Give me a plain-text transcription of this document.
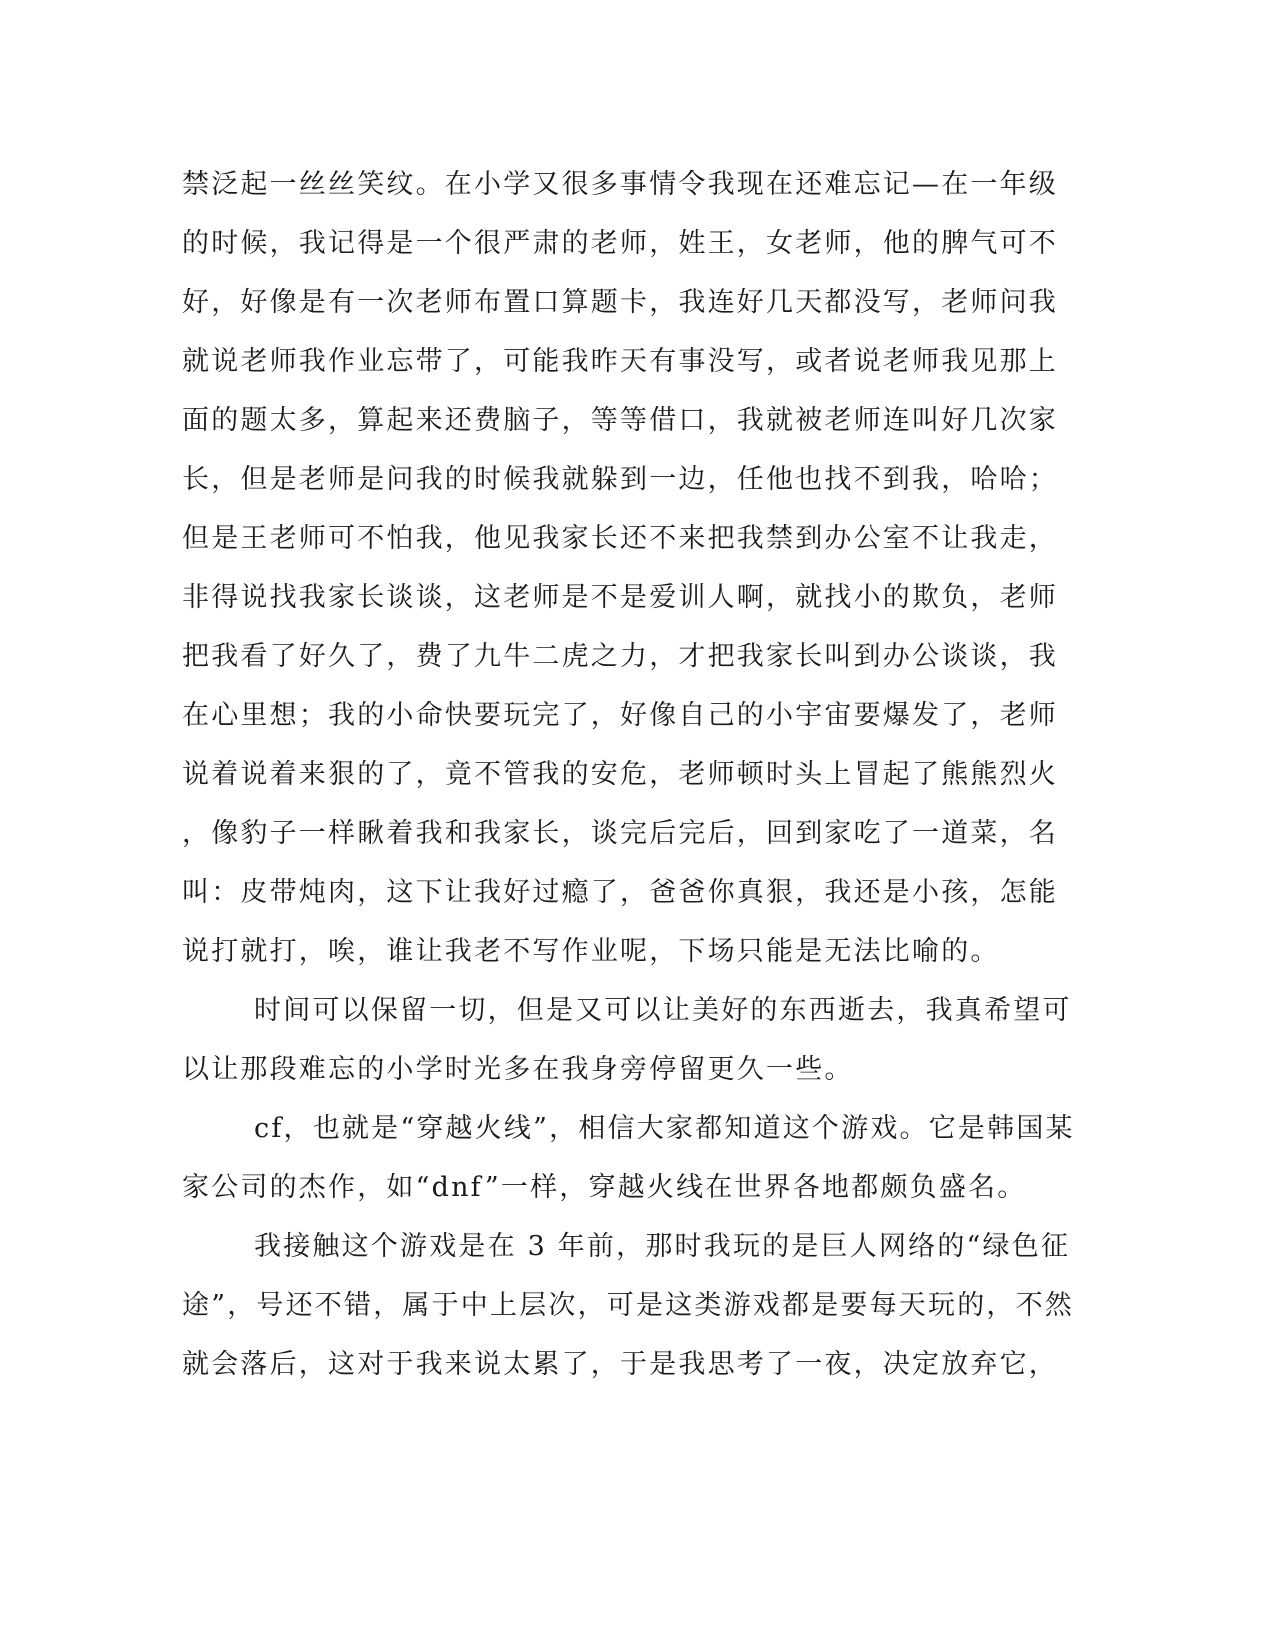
禁泛起一丝丝笑纹。在小学又很多事情令我现在还难忘记—在一年级
的时候，我记得是一个很严肃的老师，姓王，女老师，他的脾气可不
好，好像是有一次老师布置口算题卡，我连好几天都没写，老师问我
就说老师我作业忘带了，可能我昨天有事没写，或者说老师我见那上
面的题太多，算起来还费脑子，等等借口，我就被老师连叫好几次家
长，但是老师是问我的时候我就躲到一边，任他也找不到我，哈哈；
但是王老师可不怕我，他见我家长还不来把我禁到办公室不让我走，
非得说找我家长谈谈，这老师是不是爱训人啊，就找小的欺负，老师
把我看了好久了，费了九牛二虎之力，才把我家长叫到办公谈谈，我
在心里想；我的小命快要玩完了，好像自己的小宇宙要爆发了，老师
说着说着来狠的了，竟不管我的安危，老师顿时头上冒起了熊熊烈火
，像豹子一样瞅着我和我家长，谈完后完后，回到家吃了一道菜，名
叫：皮带炖肉，这下让我好过瘾了，爸爸你真狠，我还是小孩，怎能
说打就打，唉，谁让我老不写作业呢，下场只能是无法比喻的。
时间可以保留一切，但是又可以让美好的东西逝去，我真希望可
以让那段难忘的小学时光多在我身旁停留更久一些。
cf，也就是“穿越火线”，相信大家都知道这个游戏。它是韩国某
家公司的杰作，如“dnf”一样，穿越火线在世界各地都颇负盛名。
我接触这个游戏是在 3 年前，那时我玩的是巨人网络的“绿色征
途”，号还不错，属于中上层次，可是这类游戏都是要每天玩的，不然
就会落后，这对于我来说太累了，于是我思考了一夜，决定放弃它，
